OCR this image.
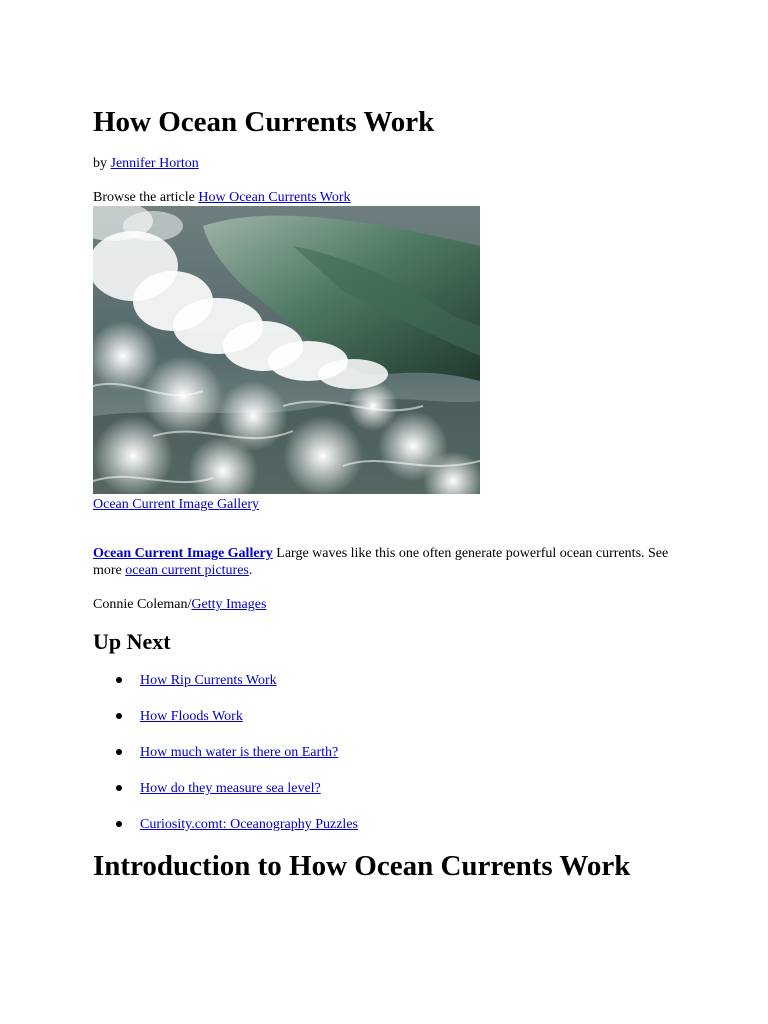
How Ocean Currents Work
by Jennifer Horton
Browse the article How Ocean Currents Work
Ocean Current Image Gallery
Ocean Current Image Gallery Large waves like this one often generate powerful ocean currents. See more ocean current pictures.
Connie Coleman/Getty Images
Up Next
How Rip Currents Work
How Floods Work
How much water is there on Earth?
How do they measure sea level?
Curiosity.comt: Oceanography Puzzles
Introduction to How Ocean Currents Work
